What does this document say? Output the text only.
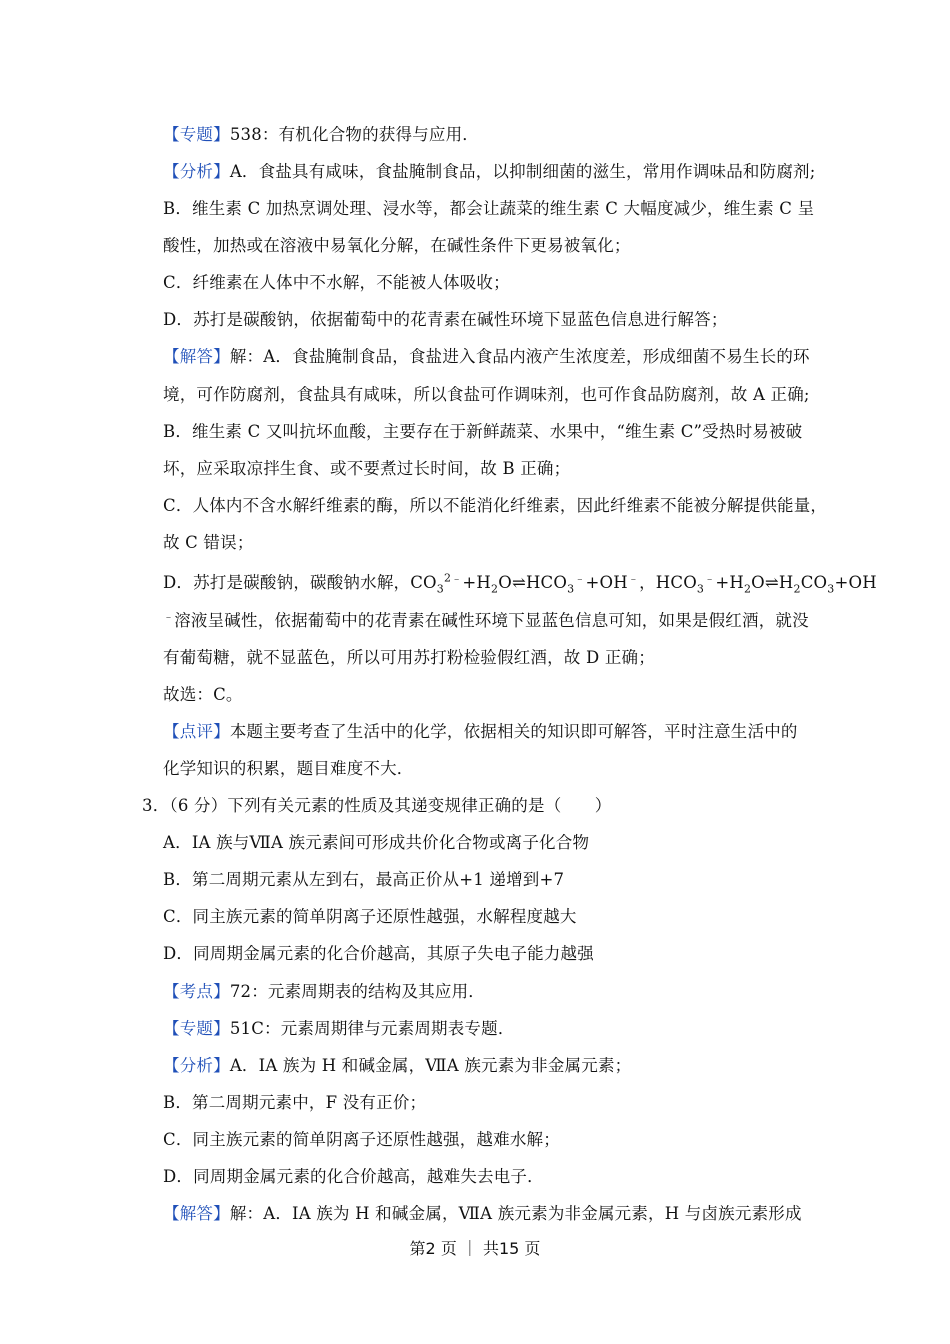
【专题】538：有机化合物的获得与应用．
【分析】A．食盐具有咸味，食盐腌制食品，以抑制细菌的滋生，常用作调味品和防腐剂;
B．维生素 C 加热烹调处理、浸水等，都会让蔬菜的维生素 C 大幅度减少，维生素 C 呈
酸性，加热或在溶液中易氧化分解，在碱性条件下更易被氧化；
C．纤维素在人体中不水解，不能被人体吸收；
D．苏打是碳酸钠，依据葡萄中的花青素在碱性环境下显蓝色信息进行解答；
【解答】解：A．食盐腌制食品，食盐进入食品内液产生浓度差，形成细菌不易生长的环
境，可作防腐剂，食盐具有咸味，所以食盐可作调味剂，也可作食品防腐剂，故 A 正确;
B．维生素 C 又叫抗坏血酸，主要存在于新鲜蔬菜、水果中，“维生素 C”受热时易被破
坏，应采取凉拌生食、或不要煮过长时间，故 B 正确；
C．人体内不含水解纤维素的酶，所以不能消化纤维素，因此纤维素不能被分解提供能量，
故 C 错误；
D．苏打是碳酸钠，碳酸钠水解，$CO_3^{2﹣}+H_2O\rightleftharpoons HCO_3^﹣+OH^﹣$，$HCO_3^﹣+H_2O\rightleftharpoons H_2CO_3+OH$
﹣溶液呈碱性，依据葡萄中的花青素在碱性环境下显蓝色信息可知，如果是假红酒，就没
有葡萄糖，就不显蓝色，所以可用苏打粉检验假红酒，故 D 正确；
故选：C。
【点评】本题主要考查了生活中的化学，依据相关的知识即可解答，平时注意生活中的
化学知识的积累，题目难度不大．
3．（6 分）下列有关元素的性质及其递变规律正确的是（　　）
A．ⅠA 族与ⅦA 族元素间可形成共价化合物或离子化合物
B．第二周期元素从左到右，最高正价从+1 递增到+7
C．同主族元素的简单阴离子还原性越强，水解程度越大
D．同周期金属元素的化合价越高，其原子失电子能力越强
【考点】72：元素周期表的结构及其应用．
【专题】51C：元素周期律与元素周期表专题．
【分析】A．ⅠA 族为 H 和碱金属，ⅦA 族元素为非金属元素；
B．第二周期元素中，F 没有正价；
C．同主族元素的简单阴离子还原性越强，越难水解；
D．同周期金属元素的化合价越高，越难失去电子．
【解答】解：A．ⅠA 族为 H 和碱金属，ⅦA 族元素为非金属元素，H 与卤族元素形成
第2 页 ｜ 共15 页
